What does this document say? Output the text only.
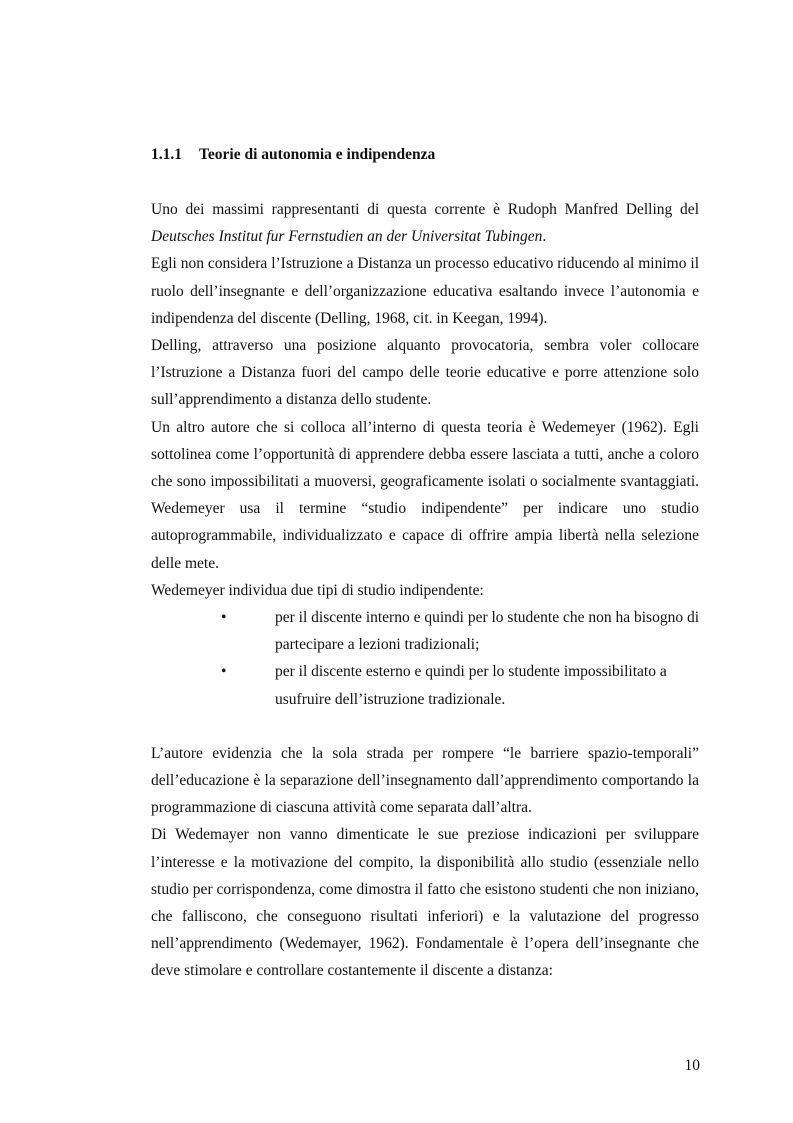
1.1.1 Teorie di autonomia e indipendenza

Uno dei massimi rappresentanti di questa corrente è Rudoph Manfred Delling del Deutsches Institut fur Fernstudien an der Universitat Tubingen.

Egli non considera l’Istruzione a Distanza un processo educativo riducendo al minimo il ruolo dell’insegnante e dell’organizzazione educativa esaltando invece l’autonomia e indipendenza del discente (Delling, 1968, cit. in Keegan, 1994).

Delling, attraverso una posizione alquanto provocatoria, sembra voler collocare l’Istruzione a Distanza fuori del campo delle teorie educative e porre attenzione solo sull’apprendimento a distanza dello studente.

Un altro autore che si colloca all’interno di questa teoria è Wedemeyer (1962). Egli sottolinea come l’opportunità di apprendere debba essere lasciata a tutti, anche a coloro che sono impossibilitati a muoversi, geograficamente isolati o socialmente svantaggiati. Wedemeyer usa il termine “studio indipendente” per indicare uno studio autoprogrammabile, individualizzato e capace di offrire ampia libertà nella selezione delle mete.

Wedemeyer individua due tipi di studio indipendente:

•	per il discente interno e quindi per lo studente che non ha bisogno di partecipare a lezioni tradizionali;
•	per il discente esterno e quindi per lo studente impossibilitato a usufruire dell’istruzione tradizionale.

L’autore evidenzia che la sola strada per rompere “le barriere spazio-temporali” dell’educazione è la separazione dell’insegnamento dall’apprendimento comportando la programmazione di ciascuna attività come separata dall’altra.

Di Wedemayer non vanno dimenticate le sue preziose indicazioni per sviluppare l’interesse e la motivazione del compito, la disponibilità allo studio (essenziale nello studio per corrispondenza, come dimostra il fatto che esistono studenti che non iniziano, che falliscono, che conseguono risultati inferiori) e la valutazione del progresso nell’apprendimento (Wedemayer, 1962). Fondamentale è l’opera dell’insegnante che deve stimolare e controllare costantemente il discente a distanza:

10
